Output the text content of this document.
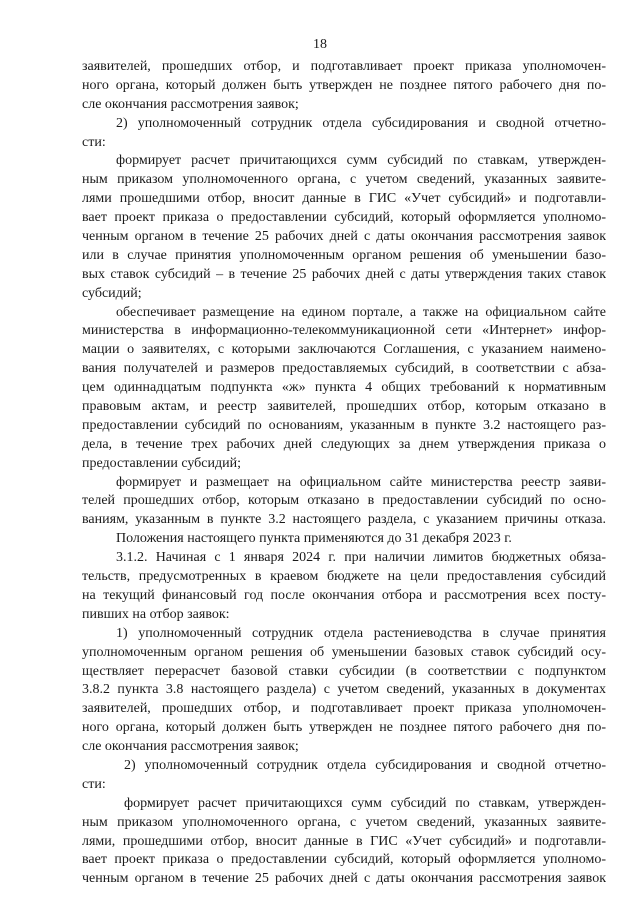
18
заявителей, прошедших отбор, и подготавливает проект приказа уполномочен-
ного органа, который должен быть утвержден не позднее пятого рабочего дня по-
сле окончания рассмотрения заявок;
2) уполномоченный сотрудник отдела субсидирования и сводной отчетно-
сти:
формирует расчет причитающихся сумм субсидий по ставкам, утвержден-
ным приказом уполномоченного органа, с учетом сведений, указанных заявите-
лями прошедшими отбор, вносит данные в ГИС «Учет субсидий» и подготавли-
вает проект приказа о предоставлении субсидий, который оформляется уполномо-
ченным органом в течение 25 рабочих дней с даты окончания рассмотрения заявок
или в случае принятия уполномоченным органом решения об уменьшении базо-
вых ставок субсидий – в течение 25 рабочих дней с даты утверждения таких ставок
субсидий;
обеспечивает размещение на едином портале, а также на официальном сайте
министерства в информационно-телекоммуникационной сети «Интернет» инфор-
мации о заявителях, с которыми заключаются Соглашения, с указанием наимено-
вания получателей и размеров предоставляемых субсидий, в соответствии с абза-
цем одиннадцатым подпункта «ж» пункта 4 общих требований к нормативным
правовым актам, и реестр заявителей, прошедших отбор, которым отказано в
предоставлении субсидий по основаниям, указанным в пункте 3.2 настоящего раз-
дела, в течение трех рабочих дней следующих за днем утверждения приказа о
предоставлении субсидий;
формирует и размещает на официальном сайте министерства реестр заяви-
телей прошедших отбор, которым отказано в предоставлении субсидий по осно-
ваниям, указанным в пункте 3.2 настоящего раздела, с указанием причины отказа.
Положения настоящего пункта применяются до 31 декабря 2023 г.
3.1.2. Начиная с 1 января 2024 г. при наличии лимитов бюджетных обяза-
тельств, предусмотренных в краевом бюджете на цели предоставления субсидий
на текущий финансовый год после окончания отбора и рассмотрения всех посту-
пивших на отбор заявок:
1) уполномоченный сотрудник отдела растениеводства в случае принятия
уполномоченным органом решения об уменьшении базовых ставок субсидий осу-
ществляет перерасчет базовой ставки субсидии (в соответствии с подпунктом
3.8.2 пункта 3.8 настоящего раздела) с учетом сведений, указанных в документах
заявителей, прошедших отбор, и подготавливает проект приказа уполномочен-
ного органа, который должен быть утвержден не позднее пятого рабочего дня по-
сле окончания рассмотрения заявок;
2) уполномоченный сотрудник отдела субсидирования и сводной отчетно-
сти:
формирует расчет причитающихся сумм субсидий по ставкам, утвержден-
ным приказом уполномоченного органа, с учетом сведений, указанных заявите-
лями, прошедшими отбор, вносит данные в ГИС «Учет субсидий» и подготавли-
вает проект приказа о предоставлении субсидий, который оформляется уполномо-
ченным органом в течение 25 рабочих дней с даты окончания рассмотрения заявок
